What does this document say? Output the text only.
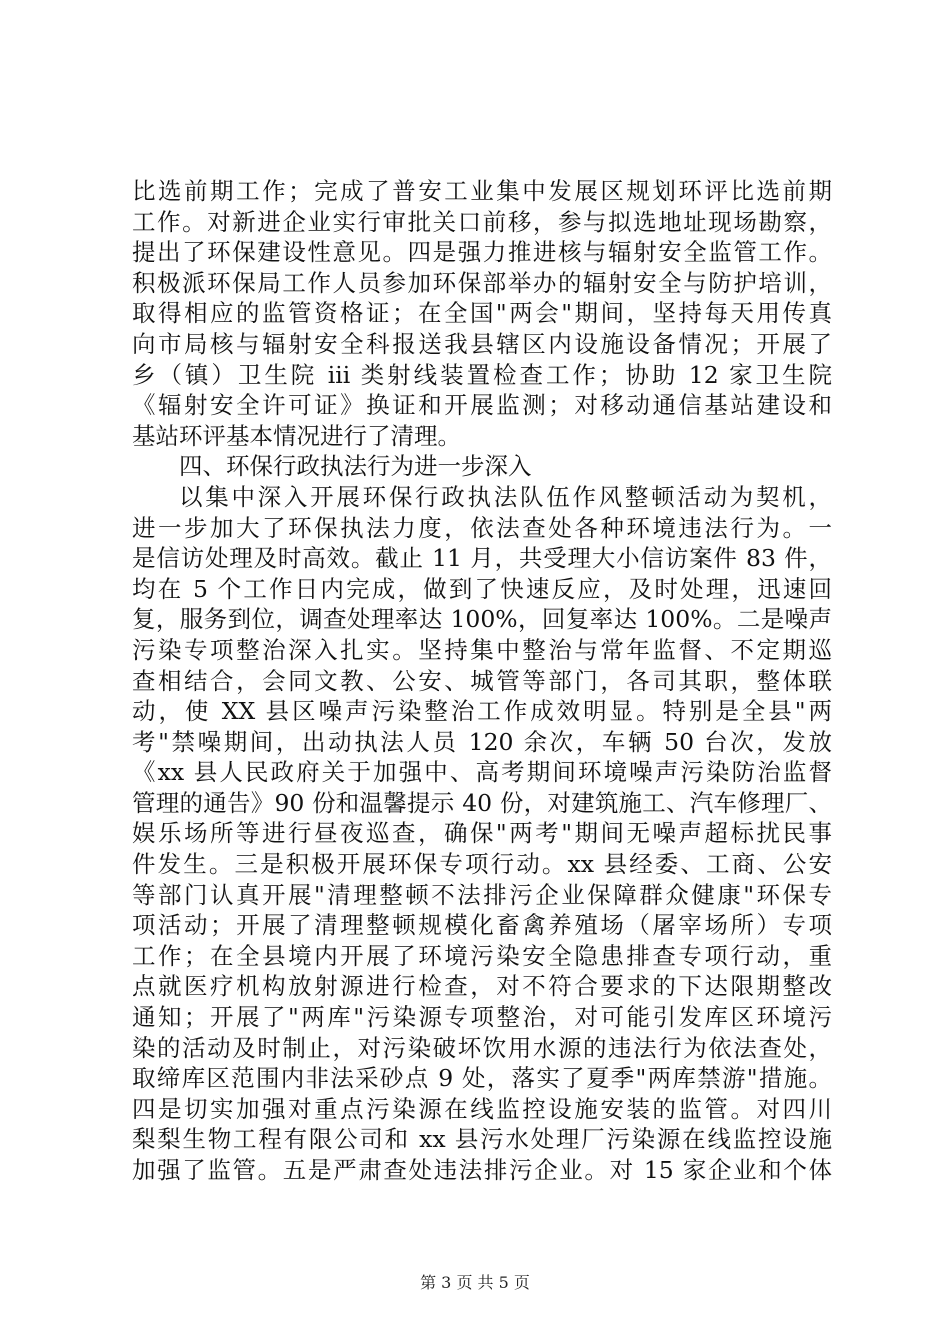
比选前期工作；完成了普安工业集中发展区规划环评比选前期
工作。对新进企业实行审批关口前移，参与拟选地址现场勘察，
提出了环保建设性意见。四是强力推进核与辐射安全监管工作。
积极派环保局工作人员参加环保部举办的辐射安全与防护培训，
取得相应的监管资格证；在全国"两会"期间，坚持每天用传真
向市局核与辐射安全科报送我县辖区内设施设备情况；开展了
乡（镇）卫生院 iii 类射线装置检查工作；协助 12 家卫生院
《辐射安全许可证》换证和开展监测；对移动通信基站建设和
基站环评基本情况进行了清理。
四、环保行政执法行为进一步深入
以集中深入开展环保行政执法队伍作风整顿活动为契机，
进一步加大了环保执法力度，依法查处各种环境违法行为。一
是信访处理及时高效。截止 11 月，共受理大小信访案件 83 件，
均在 5 个工作日内完成，做到了快速反应，及时处理，迅速回
复，服务到位，调查处理率达 100%，回复率达 100%。二是噪声
污染专项整治深入扎实。坚持集中整治与常年监督、不定期巡
查相结合，会同文教、公安、城管等部门，各司其职，整体联
动，使 XX 县区噪声污染整治工作成效明显。特别是全县"两
考"禁噪期间，出动执法人员 120 余次，车辆 50 台次，发放
《xx 县人民政府关于加强中、高考期间环境噪声污染防治监督
管理的通告》90 份和温馨提示 40 份，对建筑施工、汽车修理厂、
娱乐场所等进行昼夜巡查，确保"两考"期间无噪声超标扰民事
件发生。三是积极开展环保专项行动。xx 县经委、工商、公安
等部门认真开展"清理整顿不法排污企业保障群众健康"环保专
项活动；开展了清理整顿规模化畜禽养殖场（屠宰场所）专项
工作；在全县境内开展了环境污染安全隐患排查专项行动，重
点就医疗机构放射源进行检查，对不符合要求的下达限期整改
通知；开展了"两库"污染源专项整治，对可能引发库区环境污
染的活动及时制止，对污染破坏饮用水源的违法行为依法查处，
取缔库区范围内非法采砂点 9 处，落实了夏季"两库禁游"措施。
四是切实加强对重点污染源在线监控设施安装的监管。对四川
梨梨生物工程有限公司和 xx 县污水处理厂污染源在线监控设施
加强了监管。五是严肃查处违法排污企业。对 15 家企业和个体
第 3 页 共 5 页
